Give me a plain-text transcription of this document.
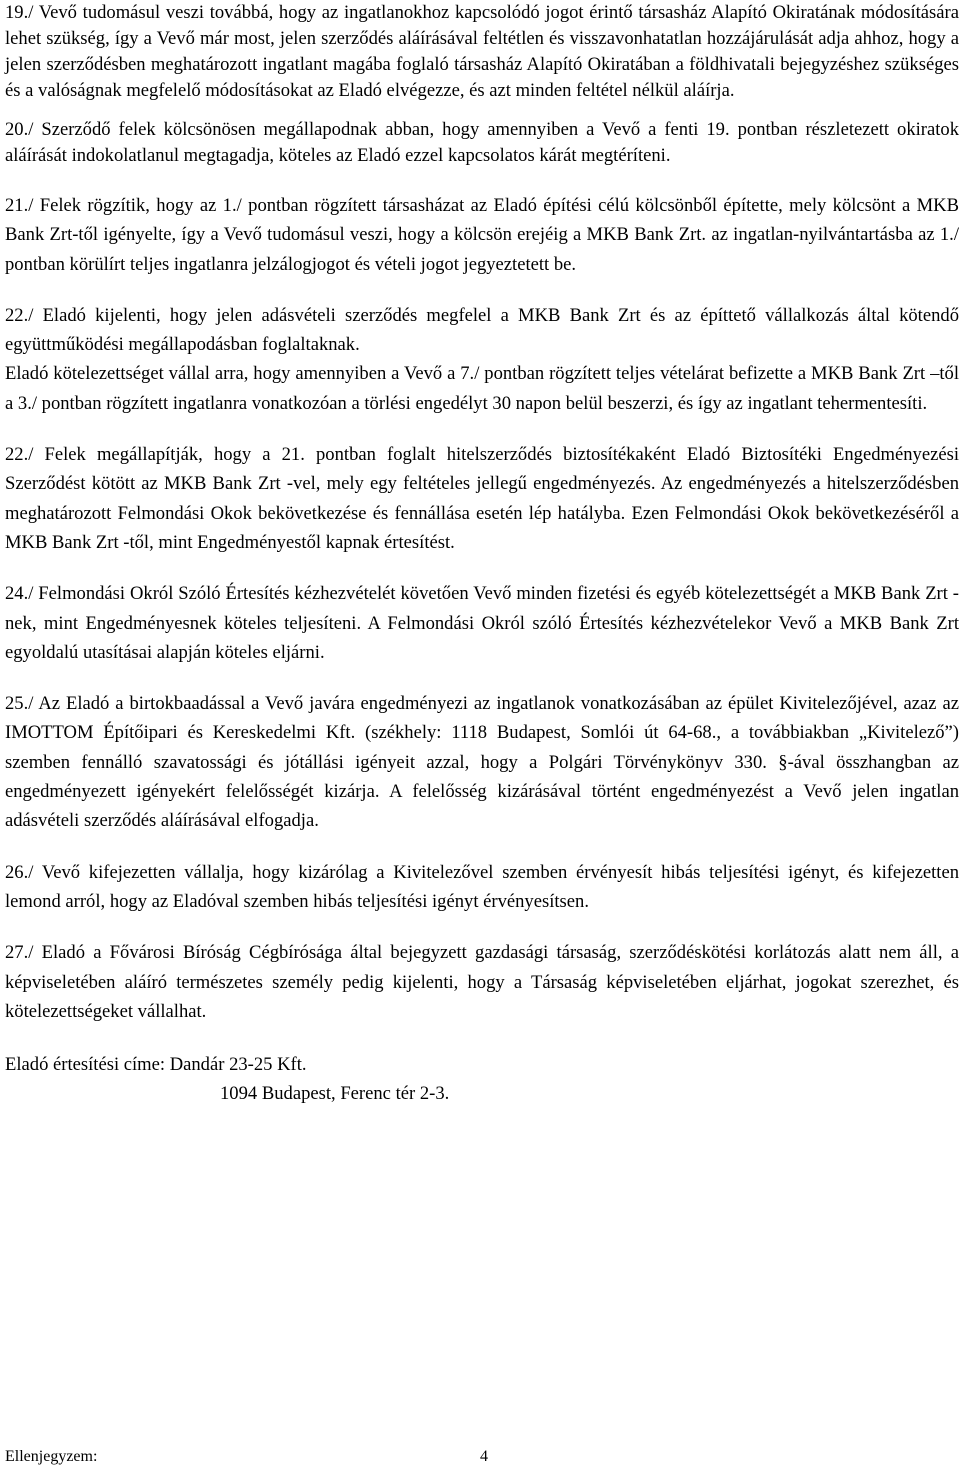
19./ Vevő tudomásul veszi továbbá, hogy az ingatlanokhoz kapcsolódó jogot érintő társasház Alapító Okiratának módosítására lehet szükség, így a Vevő már most, jelen szerződés aláírásával feltétlen és visszavonhatatlan hozzájárulását adja ahhoz, hogy a jelen szerződésben meghatározott ingatlant magába foglaló társasház Alapító Okiratában a földhivatali bejegyzéshez szükséges és a valóságnak megfelelő módosításokat az Eladó elvégezze, és azt minden feltétel nélkül aláírja.

20./ Szerződő felek kölcsönösen megállapodnak abban, hogy amennyiben a Vevő a fenti 19. pontban részletezett okiratok aláírását indokolatlanul megtagadja, köteles az Eladó ezzel kapcsolatos kárát megtéríteni.

21./ Felek rögzítik, hogy az 1./ pontban rögzített társasházat az Eladó építési célú kölcsönből építette, mely kölcsönt a MKB Bank Zrt-től igényelte, így a Vevő tudomásul veszi, hogy a kölcsön erejéig a MKB Bank Zrt. az ingatlan-nyilvántartásba az 1./ pontban körülírt teljes ingatlanra jelzálogjogot és vételi jogot jegyeztetett be.

22./ Eladó kijelenti, hogy jelen adásvételi szerződés megfelel a MKB Bank Zrt és az építtető vállalkozás által kötendő együttműködési megállapodásban foglaltaknak.

Eladó kötelezettséget vállal arra, hogy amennyiben a Vevő a 7./ pontban rögzített teljes vételárat befizette a MKB Bank Zrt –től a 3./ pontban rögzített ingatlanra vonatkozóan a törlési engedélyt 30 napon belül beszerzi, és így az ingatlant tehermentesíti.

22./ Felek megállapítják, hogy a 21. pontban foglalt hitelszerződés biztosítékaként Eladó Biztosítéki Engedményezési Szerződést kötött az MKB Bank Zrt -vel, mely egy feltételes jellegű engedményezés. Az engedményezés a hitelszerződésben meghatározott Felmondási Okok bekövetkezése és fennállása esetén lép hatályba. Ezen Felmondási Okok bekövetkezéséről a MKB Bank Zrt -től, mint Engedményestől kapnak értesítést.

24./ Felmondási Okról Szóló Értesítés kézhezvételét követően Vevő minden fizetési és egyéb kötelezettségét a MKB Bank Zrt -nek, mint Engedményesnek köteles teljesíteni. A Felmondási Okról szóló Értesítés kézhezvételekor Vevő a MKB Bank Zrt egyoldalú utasításai alapján köteles eljárni.

25./ Az Eladó a birtokbaadással a Vevő javára engedményezi az ingatlanok vonatkozásában az épület Kivitelezőjével, azaz az IMOTTOM Építőipari és Kereskedelmi Kft. (székhely: 1118 Budapest, Somlói út 64-68., a továbbiakban „Kivitelező”) szemben fennálló szavatossági és jótállási igényeit azzal, hogy a Polgári Törvénykönyv 330. §-ával összhangban az engedményezett igényekért felelősségét kizárja. A felelősség kizárásával történt engedményezést a Vevő jelen ingatlan adásvételi szerződés aláírásával elfogadja.

26./ Vevő kifejezetten vállalja, hogy kizárólag a Kivitelezővel szemben érvényesít hibás teljesítési igényt, és kifejezetten lemond arról, hogy az Eladóval szemben hibás teljesítési igényt érvényesítsen.

27./ Eladó a Fővárosi Bíróság Cégbírósága által bejegyzett gazdasági társaság, szerződéskötési korlátozás alatt nem áll, a képviseletében aláíró természetes személy pedig kijelenti, hogy a Társaság képviseletében eljárhat, jogokat szerezhet, és kötelezettségeket vállalhat.

Eladó értesítési címe: Dandár 23-25 Kft.

1094 Budapest, Ferenc tér 2-3.

Ellenjegyzem:	4
